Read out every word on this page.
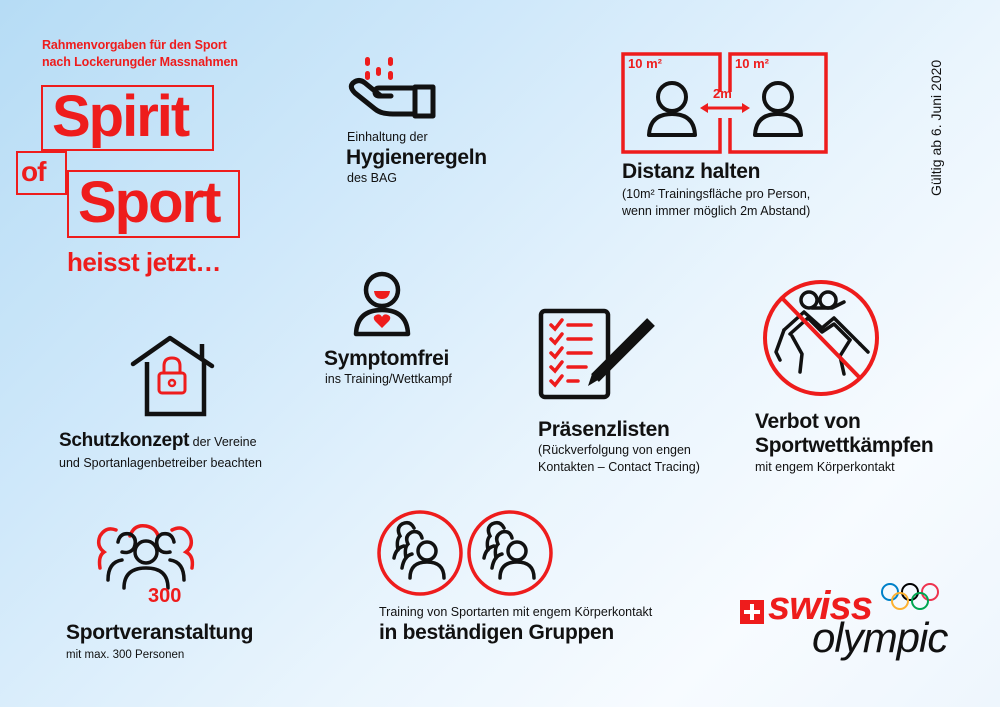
Rahmenvorgaben für den Sport
nach Lockerungder Massnahmen
Spirit
of Sport
heisst jetzt…
Gültig ab 6. Juni 2020
Einhaltung der
Hygieneregeln
des BAG
10 m²	10 m²
2m
Distanz halten
(10m² Trainingsfläche pro Person,
wenn immer möglich 2m Abstand)
Symptomfrei
ins Training/Wettkampf
Schutzkonzept der Vereine
und Sportanlagenbetreiber beachten
Präsenzlisten
(Rückverfolgung von engen
Kontakten – Contact Tracing)
Verbot von
Sportwettkämpfen
mit engem Körperkontakt
300
Sportveranstaltung
mit max. 300 Personen
Training von Sportarten mit engem Körperkontakt
in beständigen Gruppen
swiss
olympic
